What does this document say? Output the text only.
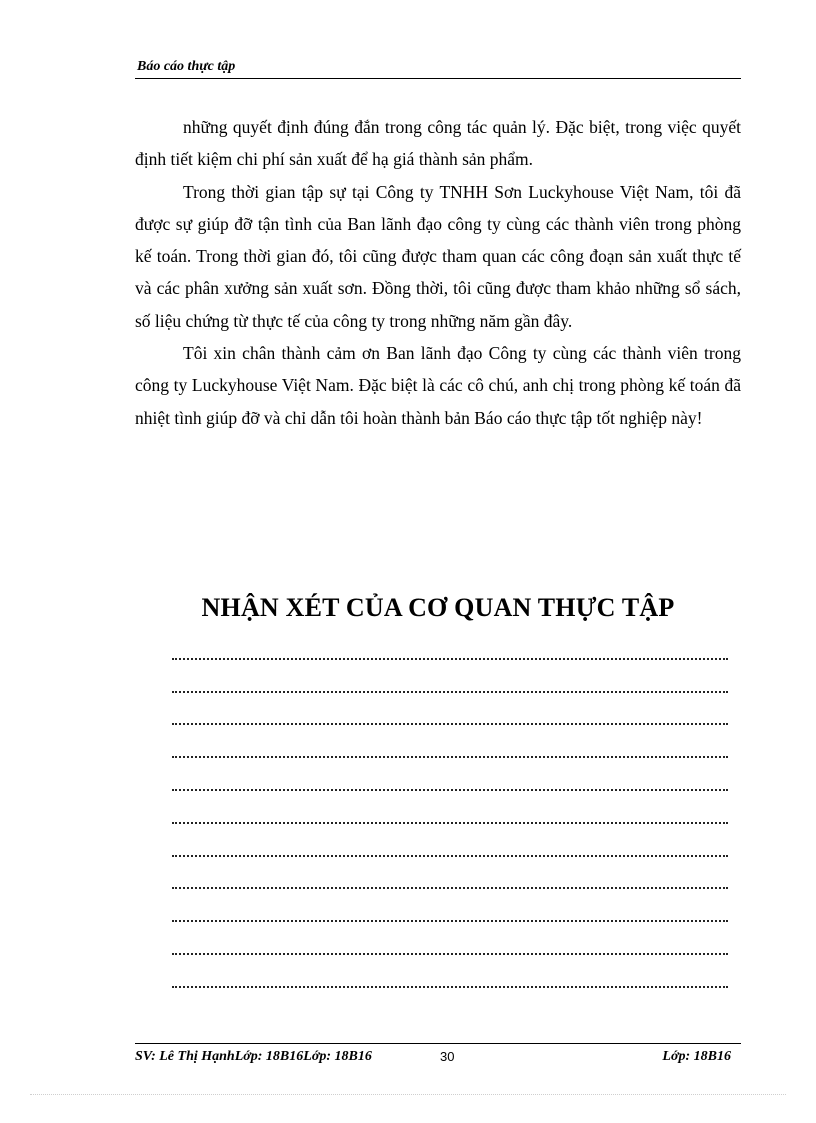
Báo cáo thực tập

những quyết định đúng đắn trong công tác quản lý. Đặc biệt, trong việc quyết định tiết kiệm chi phí sản xuất để hạ giá thành sản phẩm.

Trong thời gian tập sự tại Công ty TNHH Sơn Luckyhouse Việt Nam, tôi đã được sự giúp đỡ tận tình của Ban lãnh đạo công ty cùng các thành viên trong phòng kế toán. Trong thời gian đó, tôi cũng được tham quan các công đoạn sản xuất thực tế và các phân xưởng sản xuất sơn. Đồng thời, tôi cũng được tham khảo những sổ sách, số liệu chứng từ thực tế của công ty trong những năm gần đây.

Tôi xin chân thành cảm ơn Ban lãnh đạo Công ty cùng các thành viên trong công ty Luckyhouse Việt Nam. Đặc biệt là các cô chú, anh chị trong phòng kế toán đã nhiệt tình giúp đỡ và chỉ dẫn tôi hoàn thành bản Báo cáo thực tập tốt nghiệp này!

NHẬN XÉT CỦA CƠ QUAN THỰC TẬP
SV: Lê Thị HạnhLớp: 18B16Lớp: 18B16	30	Lớp: 18B16
